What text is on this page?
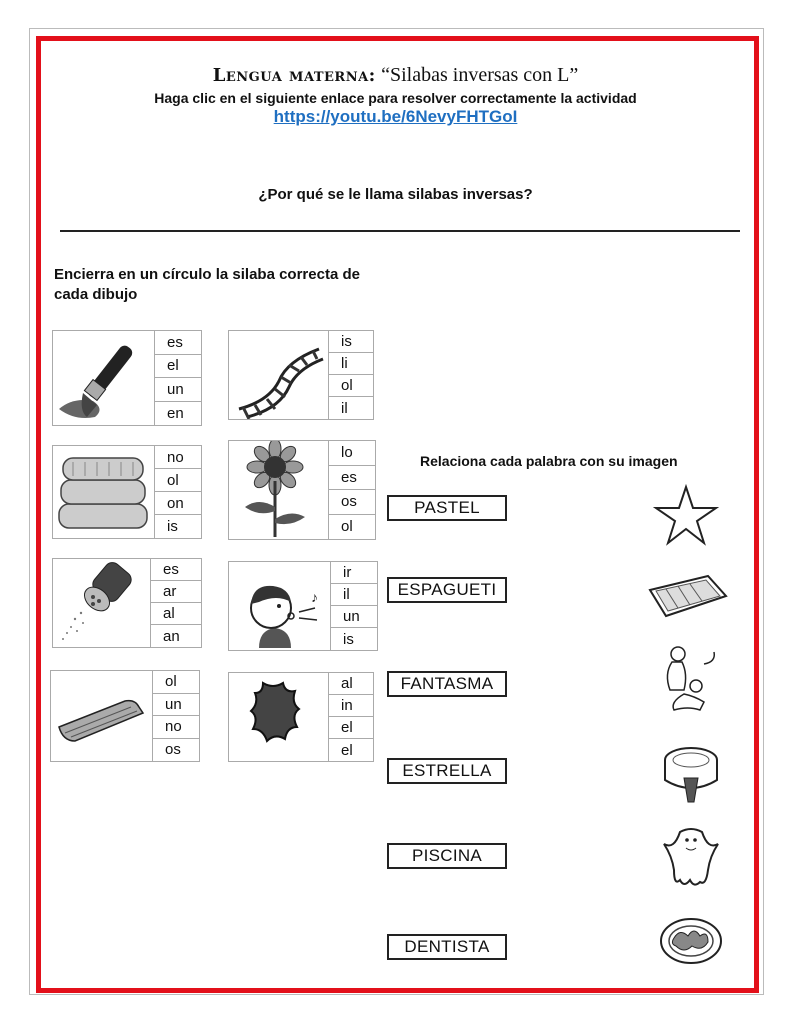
Lengua materna: “Silabas inversas con L”
Haga clic en el siguiente enlace para resolver correctamente la actividad
https://youtu.be/6NevyFHTGoI
¿Por qué se le llama silabas inversas?
Encierra en un círculo la silaba correcta de cada dibujo
es
el
un
en
is
li
ol
il
no
ol
on
is
lo
es
os
ol
es
ar
al
an
♪
ir
il
un
is
ol
un
no
os
al
in
el
el
Relaciona cada palabra con su imagen
PASTEL
ESPAGUETI
FANTASMA
ESTRELLA
PISCINA
DENTISTA
